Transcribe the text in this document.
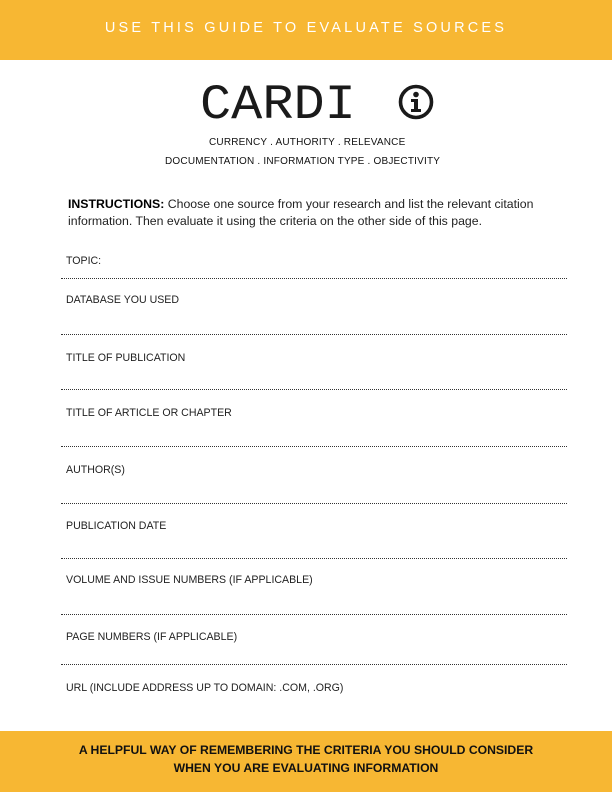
USE THIS GUIDE TO EVALUATE SOURCES
CARDI
CURRENCY . AUTHORITY . RELEVANCE
DOCUMENTATION . INFORMATION TYPE . OBJECTIVITY
INSTRUCTIONS: Choose one source from your research and list the relevant citation information. Then evaluate it using the criteria on the other side of this page.
TOPIC:
DATABASE YOU USED
TITLE OF PUBLICATION
TITLE OF ARTICLE OR CHAPTER
AUTHOR(S)
PUBLICATION DATE
VOLUME AND ISSUE NUMBERS (IF APPLICABLE)
PAGE NUMBERS (IF APPLICABLE)
URL (INCLUDE ADDRESS UP TO DOMAIN: .COM, .ORG)
A HELPFUL WAY OF REMEMBERING THE CRITERIA YOU SHOULD CONSIDER
WHEN YOU ARE EVALUATING INFORMATION
